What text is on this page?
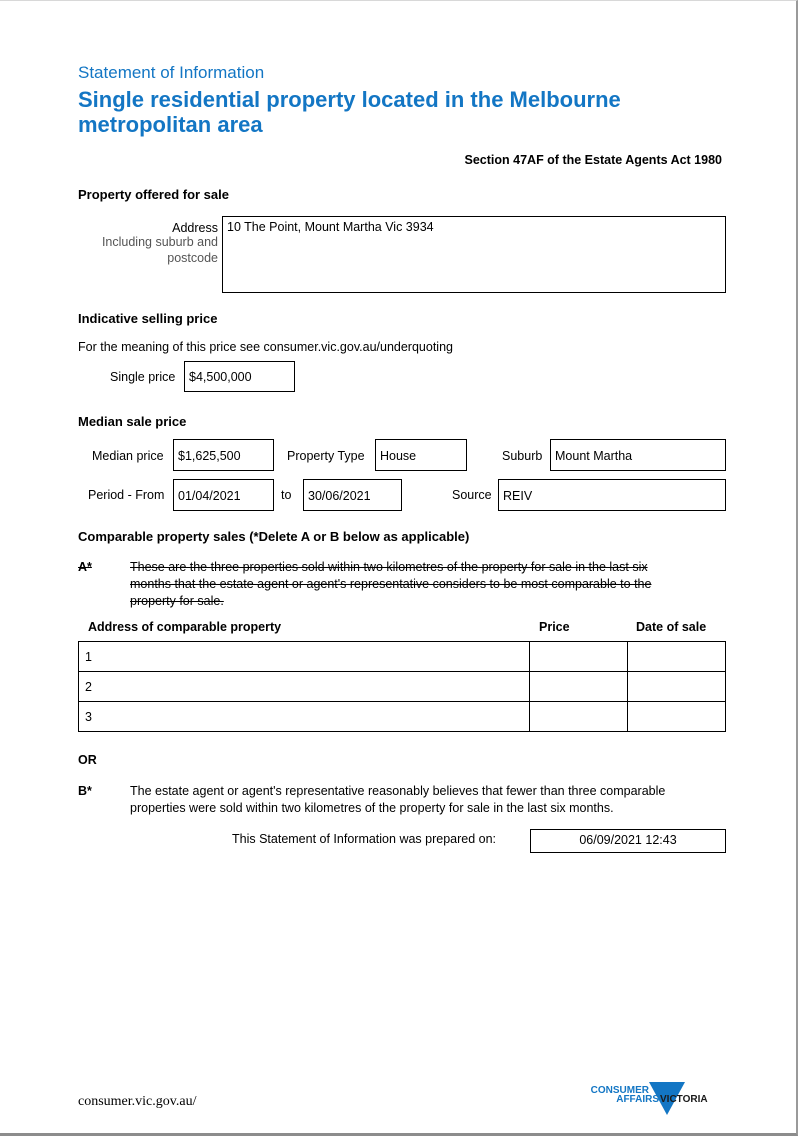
Statement of Information
Single residential property located in the Melbourne metropolitan area
Section 47AF of the Estate Agents Act 1980
Property offered for sale
Address
Including suburb and
postcode
10 The Point, Mount Martha Vic 3934
Indicative selling price
For the meaning of this price see consumer.vic.gov.au/underquoting
Single price	$4,500,000
Median sale price
Median price	$1,625,500	Property Type	House	Suburb	Mount Martha
Period - From	01/04/2021	to	30/06/2021	Source REIV
Comparable property sales (*Delete A or B below as applicable)
A*	These are the three properties sold within two kilometres of the property for sale in the last six
months that the estate agent or agent's representative considers to be most comparable to the
property for sale.
Address of comparable property	Price	Date of sale
1		
2		
3		
OR
B*	The estate agent or agent's representative reasonably believes that fewer than three comparable
properties were sold within two kilometres of the property for sale in the last six months.
This Statement of Information was prepared on:	06/09/2021 12:43
consumer.vic.gov.au/
CONSUMER
AFFAIRS VICTORIA
